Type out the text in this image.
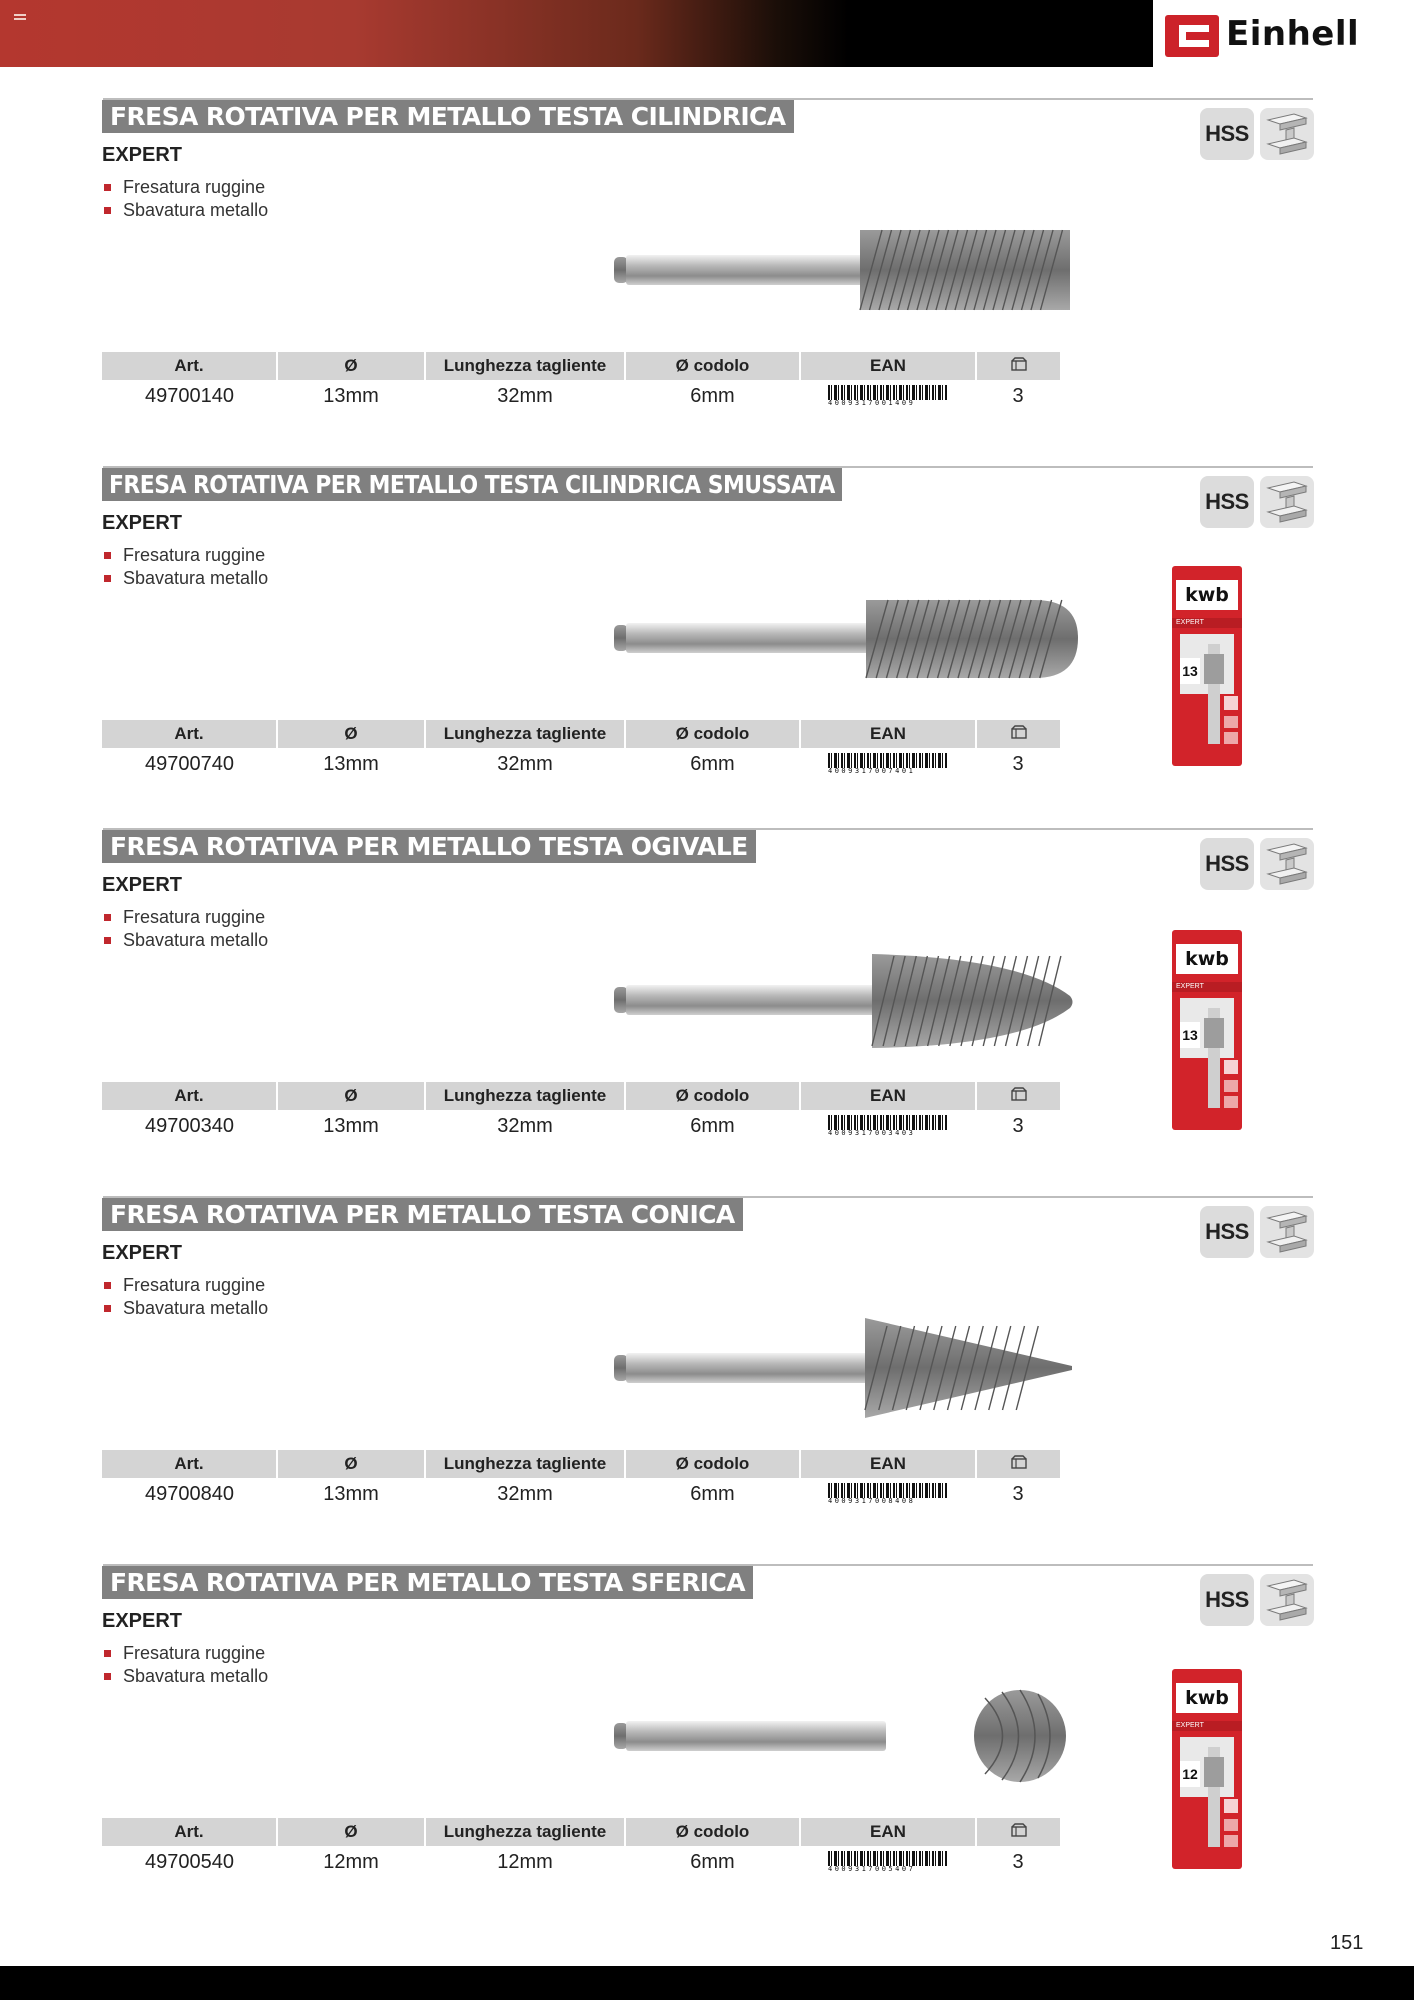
Einhell
FRESA ROTATIVA PER METALLO TESTA CILINDRICA
EXPERT
Fresatura ruggine
Sbavatura metallo
HSS
Art.	Ø	Lunghezza tagliente	Ø codolo	EAN	
49700140	13mm	32mm	6mm	4009317001409	3
FRESA ROTATIVA PER METALLO TESTA CILINDRICA SMUSSATA
EXPERT
Fresatura ruggine
Sbavatura metallo
HSS
Art.	Ø	Lunghezza tagliente	Ø codolo	EAN	
49700740	13mm	32mm	6mm	4009317007401	3
kwb
EXPERT
13
FRESA ROTATIVA PER METALLO TESTA OGIVALE
EXPERT
Fresatura ruggine
Sbavatura metallo
HSS
Art.	Ø	Lunghezza tagliente	Ø codolo	EAN	
49700340	13mm	32mm	6mm	4009317003403	3
kwb
EXPERT
13
FRESA ROTATIVA PER METALLO TESTA CONICA
EXPERT
Fresatura ruggine
Sbavatura metallo
HSS
Art.	Ø	Lunghezza tagliente	Ø codolo	EAN	
49700840	13mm	32mm	6mm	4009317008408	3
FRESA ROTATIVA PER METALLO TESTA SFERICA
EXPERT
Fresatura ruggine
Sbavatura metallo
HSS
Art.	Ø	Lunghezza tagliente	Ø codolo	EAN	
49700540	12mm	12mm	6mm	4009317005407	3
kwb
EXPERT
12
151
